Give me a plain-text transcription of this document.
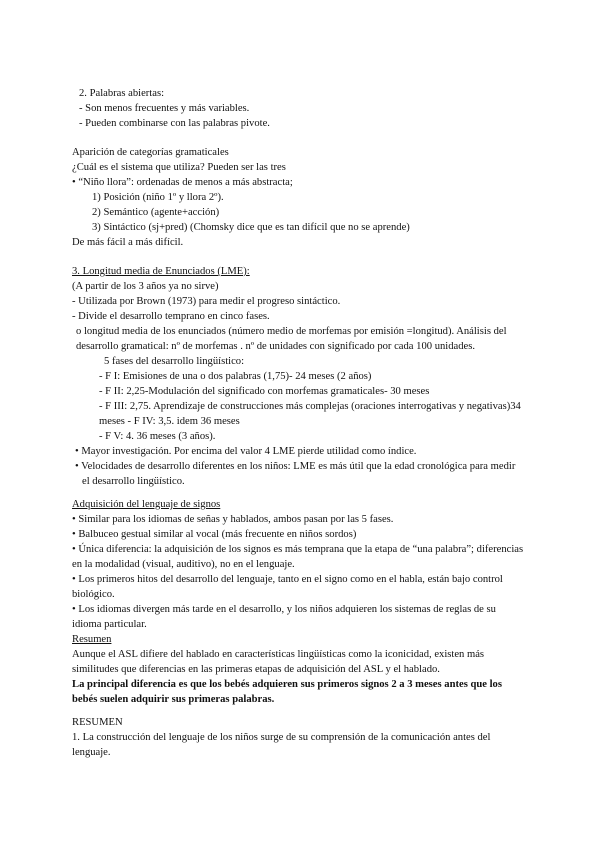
2. Palabras abiertas:
- Son menos frecuentes y más variables.
- Pueden combinarse con las palabras pivote.
Aparición de categorías gramaticales
¿Cuál es el sistema que utiliza? Pueden ser las tres
• “Niño llora”: ordenadas de menos a más abstracta;
1) Posición (niño 1º y llora 2º).
2) Semántico (agente+acción)
3) Sintáctico (sj+pred) (Chomsky dice que es tan difícil que no se aprende)
De más fácil a más difícil.
3. Longitud media de Enunciados (LME):
(A partir de los 3 años ya no sirve)
- Utilizada por Brown (1973) para medir el progreso sintáctico.
- Divide el desarrollo temprano en cinco fases.
o longitud media de los enunciados (número medio de morfemas por emisión =longitud). Análisis del desarrollo gramatical: nº de morfemas . nº de unidades con significado por cada 100 unidades.
5 fases del desarrollo lingüístico:
- F I: Emisiones de una o dos palabras (1,75)- 24 meses (2 años)
- F II: 2,25-Modulación del significado con morfemas gramaticales- 30 meses
- F III: 2,75. Aprendizaje de construcciones más complejas (oraciones interrogativas y negativas)34 meses - F IV: 3,5. idem 36 meses
- F V: 4. 36 meses (3 años).
• Mayor investigación. Por encima del valor 4 LME pierde utilidad como índice.
• Velocidades de desarrollo diferentes en los niños: LME es más útil que la edad cronológica para medir el desarrollo lingüístico.
Adquisición del lenguaje de signos
• Similar para los idiomas de señas y hablados, ambos pasan por las 5 fases.
• Balbuceo gestual similar al vocal (más frecuente en niños sordos)
• Única diferencia: la adquisición de los signos es más temprana que la etapa de “una palabra”; diferencias en la modalidad (visual, auditivo), no en el lenguaje.
• Los primeros hitos del desarrollo del lenguaje, tanto en el signo como en el habla, están bajo control biológico.
• Los idiomas divergen más tarde en el desarrollo, y los niños adquieren los sistemas de reglas de su idioma particular.
Resumen
Aunque el ASL difiere del hablado en características lingüísticas como la iconicidad, existen más similitudes que diferencias en las primeras etapas de adquisición del ASL y el hablado.
La principal diferencia es que los bebés adquieren sus primeros signos 2 a 3 meses antes que los bebés suelen adquirir sus primeras palabras.
RESUMEN
1. La construcción del lenguaje de los niños surge de su comprensión de la comunicación antes del lenguaje.
